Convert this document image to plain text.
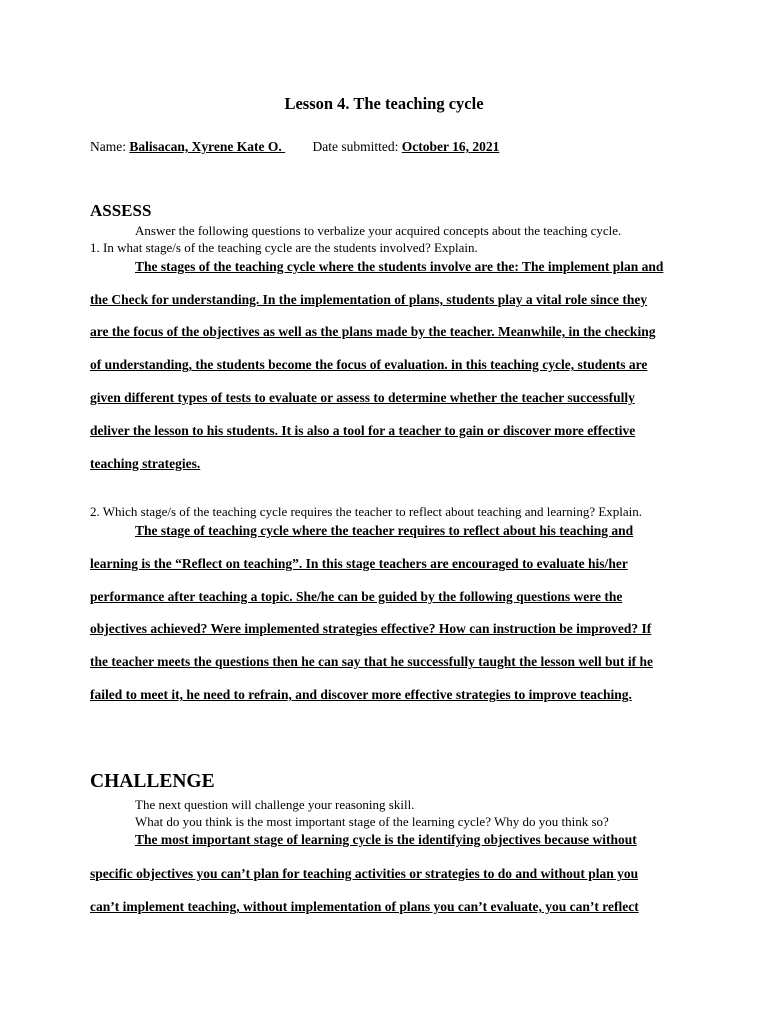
Lesson 4. The teaching cycle
Name: Balisacan, Xyrene Kate O.  Date submitted: October 16, 2021
ASSESS

Answer the following questions to verbalize your acquired concepts about the teaching cycle.

1. In what stage/s of the teaching cycle are the students involved? Explain.

The stages of the teaching cycle where the students involve are the: The implement plan and

the Check for understanding. In the implementation of plans, students play a vital role since they

are the focus of the objectives as well as the plans made by the teacher. Meanwhile, in the checking

of understanding, the students become the focus of evaluation. in this teaching cycle, students are

given different types of tests to evaluate or assess to determine whether the teacher successfully

deliver the lesson to his students. It is also a tool for a teacher to gain or discover more effective

teaching strategies.

2. Which stage/s of the teaching cycle requires the teacher to reflect about teaching and learning? Explain.

The stage of teaching cycle where the teacher requires to reflect about his teaching and

learning is the “Reflect on teaching”. In this stage teachers are encouraged to evaluate his/her

performance after teaching a topic. She/he can be guided by the following questions were the

objectives achieved? Were implemented strategies effective? How can instruction be improved? If

the teacher meets the questions then he can say that he successfully taught the lesson well but if he

failed to meet it, he need to refrain, and discover more effective strategies to improve teaching.

CHALLENGE

The next question will challenge your reasoning skill.

What do you think is the most important stage of the learning cycle? Why do you think so?

The most important stage of learning cycle is the identifying objectives because without

specific objectives you can’t plan for teaching activities or strategies to do and without plan you

can’t implement teaching, without implementation of plans you can’t evaluate, you can’t reflect
